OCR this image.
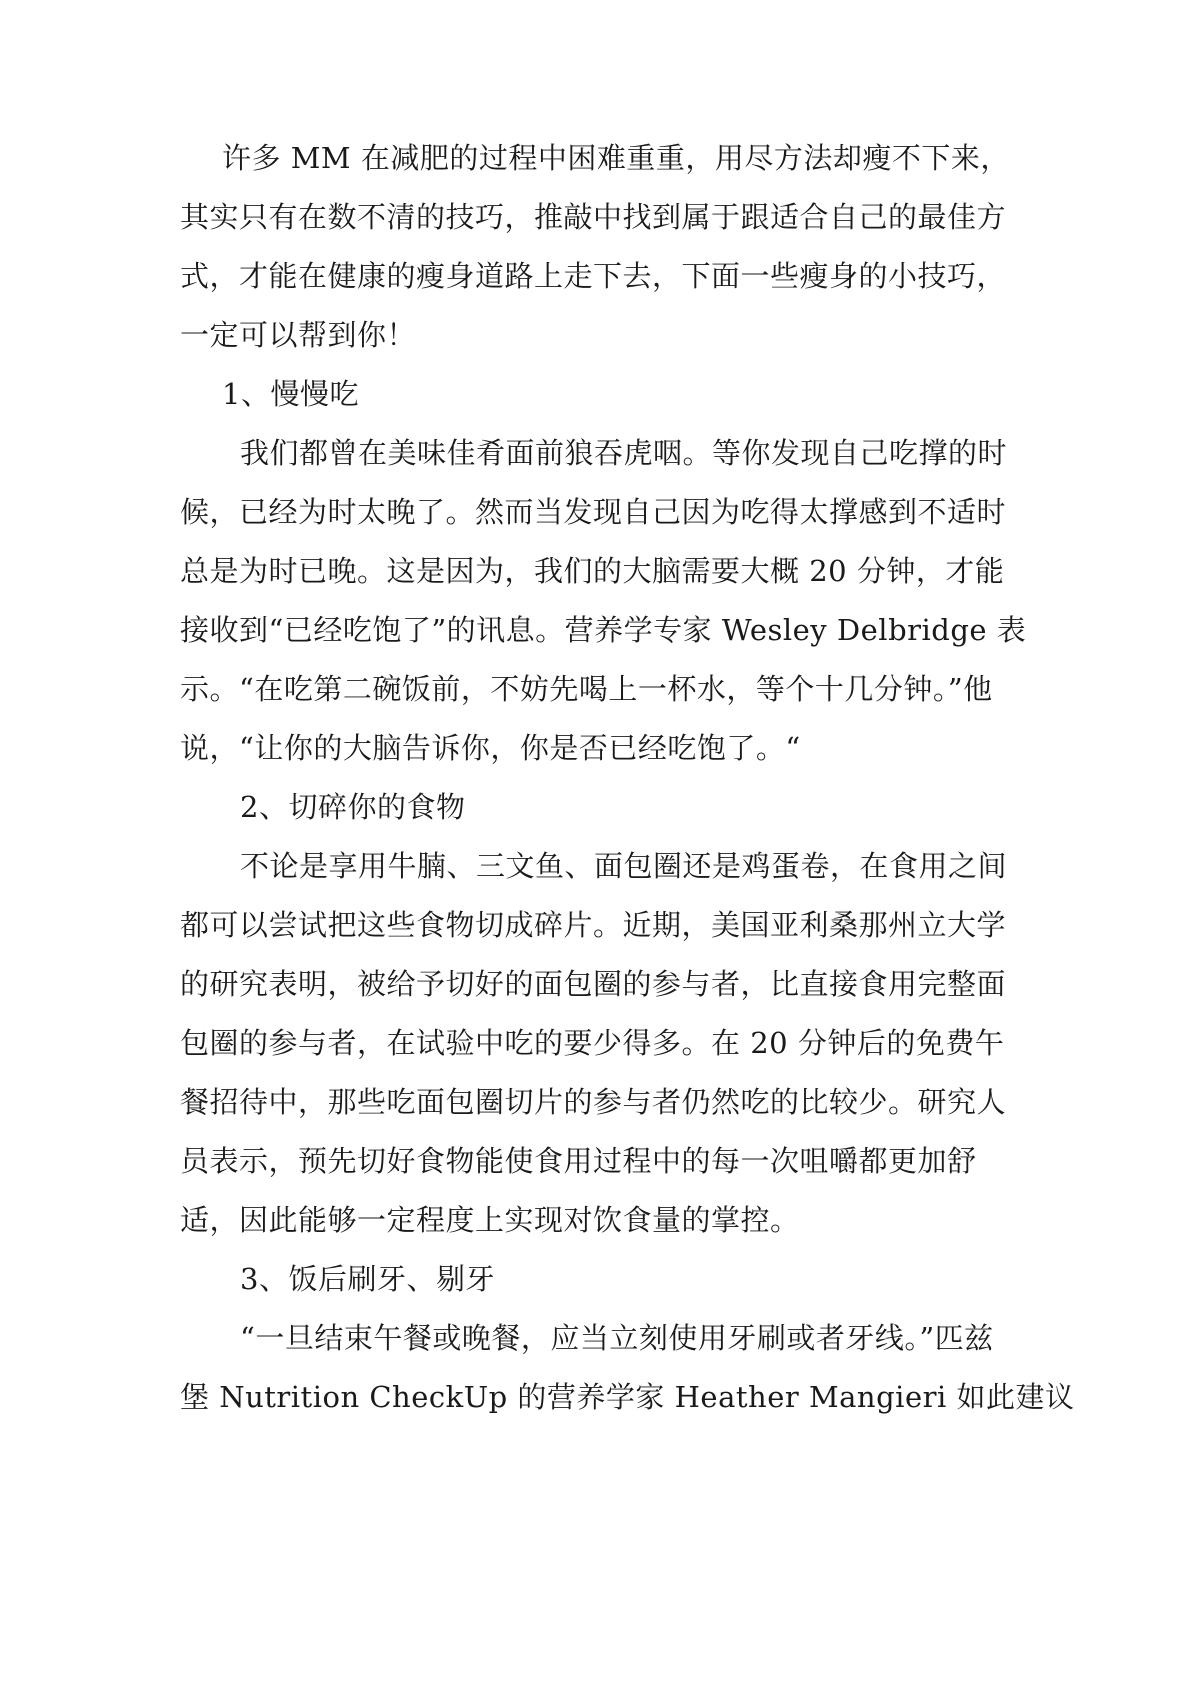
许多 MM 在减肥的过程中困难重重，用尽方法却瘦不下来，
其实只有在数不清的技巧，推敲中找到属于跟适合自己的最佳方
式，才能在健康的瘦身道路上走下去，下面一些瘦身的小技巧，
一定可以帮到你！
1、慢慢吃
我们都曾在美味佳肴面前狼吞虎咽。等你发现自己吃撑的时
候，已经为时太晚了。然而当发现自己因为吃得太撑感到不适时
总是为时已晚。这是因为，我们的大脑需要大概 20 分钟，才能
接收到“已经吃饱了”的讯息。营养学专家 Wesley Delbridge 表
示。“在吃第二碗饭前，不妨先喝上一杯水，等个十几分钟。”他
说，“让你的大脑告诉你，你是否已经吃饱了。“
2、切碎你的食物
不论是享用牛腩、三文鱼、面包圈还是鸡蛋卷，在食用之间
都可以尝试把这些食物切成碎片。近期，美国亚利桑那州立大学
的研究表明，被给予切好的面包圈的参与者，比直接食用完整面
包圈的参与者，在试验中吃的要少得多。在 20 分钟后的免费午
餐招待中，那些吃面包圈切片的参与者仍然吃的比较少。研究人
员表示，预先切好食物能使食用过程中的每一次咀嚼都更加舒
适，因此能够一定程度上实现对饮食量的掌控。
3、饭后刷牙、剔牙
“一旦结束午餐或晚餐，应当立刻使用牙刷或者牙线。”匹兹
堡 Nutrition CheckUp 的营养学家 Heather Mangieri 如此建议
